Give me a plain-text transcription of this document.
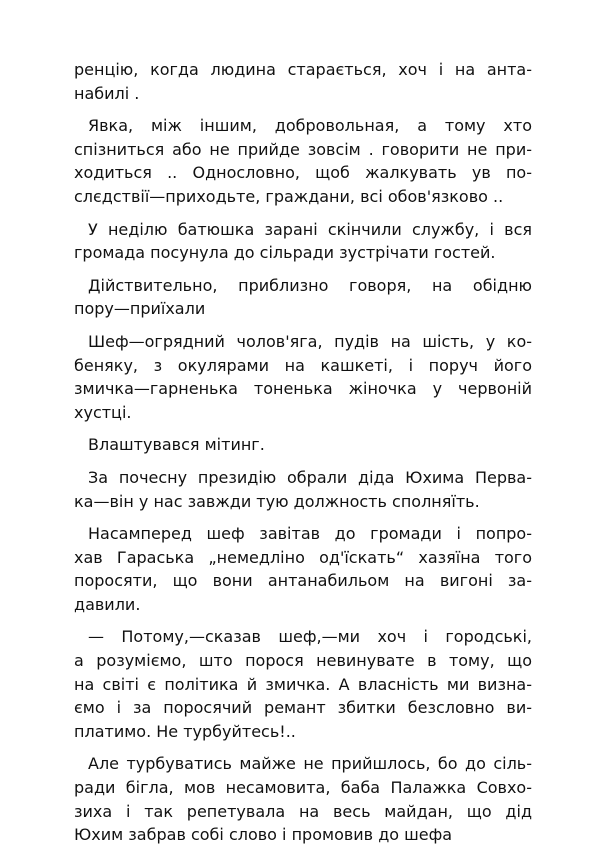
ренцію, когда людина старається, хоч і на анта-
набилі .
Явка, між іншим, добровольная, а тому хто
спізниться або не прийде зовсім . говорити не при-
ходиться .. Однословно, щоб жалкувать ув по-
слєдствії—приходьте, граждани, всі обов'язково ..
У неділю батюшка зарані скінчили службу, і вся
громада посунула до сільради зустрічати гостей.
Дійствительно, приблизно говоря, на обідню
пору—приїхали
Шеф—огрядний чолов'яга, пудів на шість, у ко-
беняку, з окулярами на кашкеті, і поруч його
змичка—гарненька тоненька жіночка у червоній
хустці.
Влаштувався мітинг.
За почесну президію обрали діда Юхима Перва-
ка—він у нас завжди тую должность сполняїть.
Насамперед шеф завітав до громади і попро-
хав Гараська „немедліно од'їскать“ хазяїна того
поросяти, що вони антанабильом на вигоні за-
давили.
— Потому,—сказав шеф,—ми хоч і городські,
а розуміємо, што порося невинувате в тому, що
на світі є політика й змичка. А власність ми визна-
ємо і за поросячий ремант збитки безсловно ви-
платимо. Не турбуйтесь!..
Але турбуватись майже не прийшлось, бо до сіль-
ради бігла, мов несамовита, баба Палажка Совхо-
зиха і так репетувала на весь майдан, що дід
Юхим забрав собі слово і промовив до шефа
